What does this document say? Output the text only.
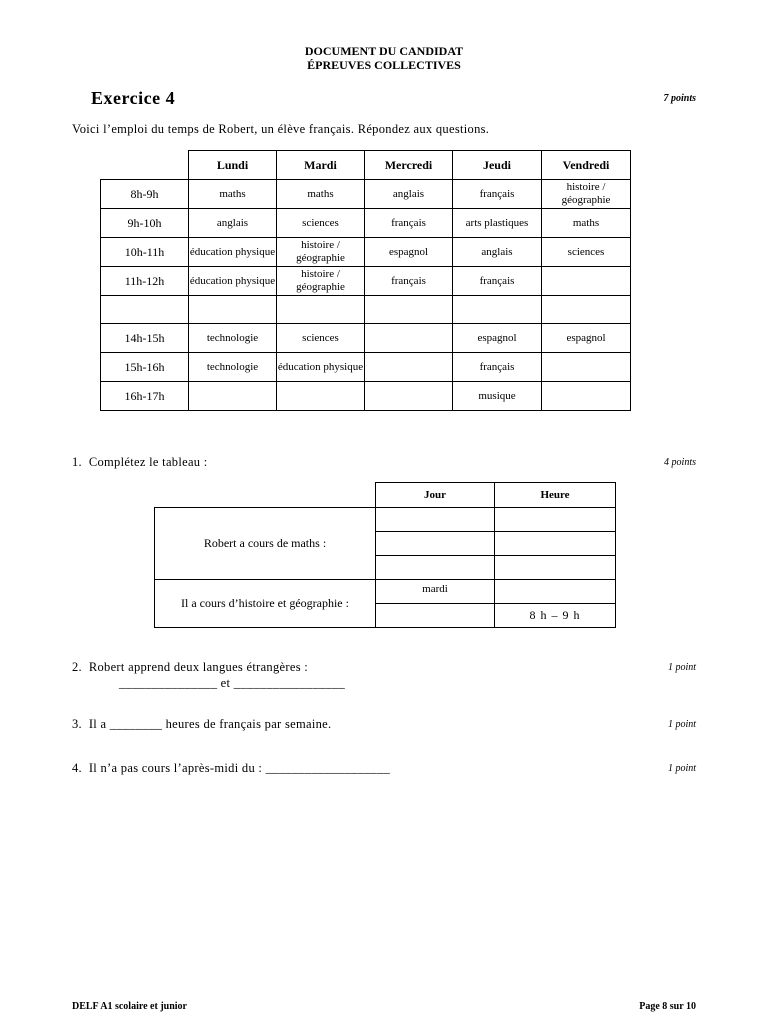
DOCUMENT DU CANDIDAT
ÉPREUVES COLLECTIVES
Exercice 4	7 points
Voici l’emploi du temps de Robert, un élève français. Répondez aux questions.
	Lundi	Mardi	Mercredi	Jeudi	Vendredi
8h-9h	maths	maths	anglais	français	histoire / géographie
9h-10h	anglais	sciences	français	arts plastiques	maths
10h-11h	éducation physique	histoire / géographie	espagnol	anglais	sciences
11h-12h	éducation physique	histoire / géographie	français	français	

14h-15h	technologie	sciences		espagnol	espagnol
15h-16h	technologie	éducation physique		français	
16h-17h				musique	
1. Complétez le tableau :	4 points
	Jour	Heure
Robert a cours de maths :		

Il a cours d’histoire et géographie :	mardi	
		8 h – 9 h
2. Robert apprend deux langues étrangères :
_______________ et _________________
1 point
3. Il a ________ heures de français par semaine.	1 point
4. Il n’a pas cours l’après-midi du : ___________________	1 point
DELF A1 scolaire et junior	Page 8 sur 10
